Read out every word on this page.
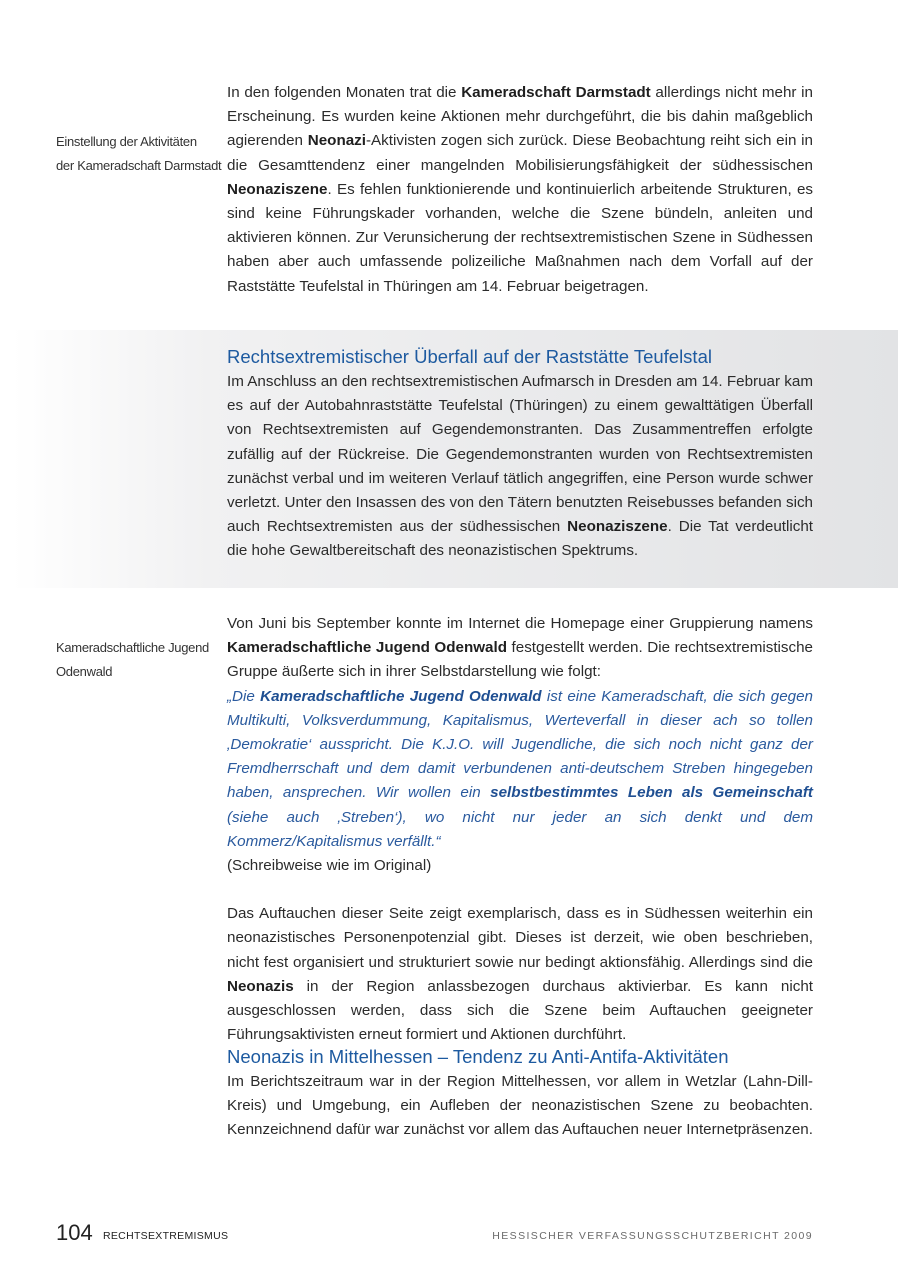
Einstellung der Aktivitäten
der Kameradschaft Darmstadt

In den folgenden Monaten trat die Kameradschaft Darmstadt allerdings nicht mehr in Erscheinung. Es wurden keine Aktionen mehr durchgeführt, die bis dahin maßgeblich agierenden Neonazi-Aktivisten zogen sich zurück. Diese Beobachtung reiht sich ein in die Gesamttendenz einer mangelnden Mobilisierungsfähigkeit der südhessischen Neonaziszene. Es fehlen funktionierende und kontinuierlich arbeitende Strukturen, es sind keine Führungskader vorhanden, welche die Szene bündeln, anleiten und aktivieren können. Zur Verunsicherung der rechtsextremistischen Szene in Südhessen haben aber auch umfassende polizeiliche Maßnahmen nach dem Vorfall auf der Raststätte Teufelstal in Thüringen am 14. Februar beigetragen.

Rechtsextremistischer Überfall auf der Raststätte Teufelstal

Im Anschluss an den rechtsextremistischen Aufmarsch in Dresden am 14. Februar kam es auf der Autobahnraststätte Teufelstal (Thüringen) zu einem gewalttätigen Überfall von Rechtsextremisten auf Gegendemonstranten. Das Zusammentreffen erfolgte zufällig auf der Rückreise. Die Gegendemonstranten wurden von Rechtsextremisten zunächst verbal und im weiteren Verlauf tätlich angegriffen, eine Person wurde schwer verletzt. Unter den Insassen des von den Tätern benutzten Reisebusses befanden sich auch Rechtsextremisten aus der südhessischen Neonaziszene. Die Tat verdeutlicht die hohe Gewaltbereitschaft des neonazistischen Spektrums.

Kameradschaftliche Jugend
Odenwald

Von Juni bis September konnte im Internet die Homepage einer Gruppierung namens Kameradschaftliche Jugend Odenwald festgestellt werden. Die rechtsextremistische Gruppe äußerte sich in ihrer Selbstdarstellung wie folgt:

„Die Kameradschaftliche Jugend Odenwald ist eine Kameradschaft, die sich gegen Multikulti, Volksverdummung, Kapitalismus, Werteverfall in dieser ach so tollen ‚Demokratie‘ ausspricht. Die K.J.O. will Jugendliche, die sich noch nicht ganz der Fremdherrschaft und dem damit verbundenen anti-deutschem Streben hingegeben haben, ansprechen. Wir wollen ein selbstbestimmtes Leben als Gemeinschaft (siehe auch ‚Streben‘), wo nicht nur jeder an sich denkt und dem Kommerz/Kapitalismus verfällt.“

(Schreibweise wie im Original)

Das Auftauchen dieser Seite zeigt exemplarisch, dass es in Südhessen weiterhin ein neonazistisches Personenpotenzial gibt. Dieses ist derzeit, wie oben beschrieben, nicht fest organisiert und strukturiert sowie nur bedingt aktionsfähig. Allerdings sind die Neonazis in der Region anlassbezogen durchaus aktivierbar. Es kann nicht ausgeschlossen werden, dass sich die Szene beim Auftauchen geeigneter Führungsaktivisten erneut formiert und Aktionen durchführt.

Neonazis in Mittelhessen – Tendenz zu Anti-Antifa-Aktivitäten

Im Berichtszeitraum war in der Region Mittelhessen, vor allem in Wetzlar (Lahn-Dill-Kreis) und Umgebung, ein Aufleben der neonazistischen Szene zu beobachten. Kennzeichnend dafür war zunächst vor allem das Auftauchen neuer Internetpräsenzen.

104 RECHTSEXTREMISMUS	HESSISCHER VERFASSUNGSSCHUTZBERICHT 2009
